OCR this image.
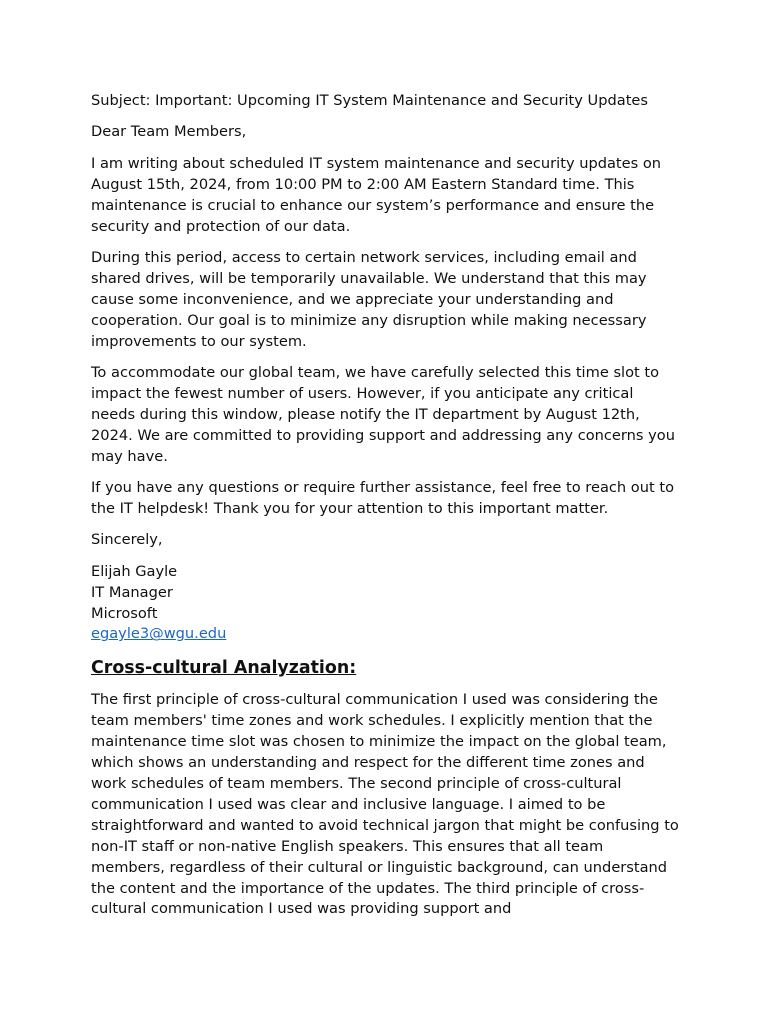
Subject: Important: Upcoming IT System Maintenance and Security Updates

Dear Team Members,

I am writing about scheduled IT system maintenance and security updates on August 15th, 2024, from 10:00 PM to 2:00 AM Eastern Standard time. This maintenance is crucial to enhance our system’s performance and ensure the security and protection of our data.

During this period, access to certain network services, including email and shared drives, will be temporarily unavailable. We understand that this may cause some inconvenience, and we appreciate your understanding and cooperation. Our goal is to minimize any disruption while making necessary improvements to our system.

To accommodate our global team, we have carefully selected this time slot to impact the fewest number of users. However, if you anticipate any critical needs during this window, please notify the IT department by August 12th, 2024. We are committed to providing support and addressing any concerns you may have.

If you have any questions or require further assistance, feel free to reach out to the IT helpdesk! Thank you for your attention to this important matter.

Sincerely,

Elijah Gayle
IT Manager
Microsoft
egayle3@wgu.edu

Cross-cultural Analyzation:

The first principle of cross-cultural communication I used was considering the team members' time zones and work schedules. I explicitly mention that the maintenance time slot was chosen to minimize the impact on the global team, which shows an understanding and respect for the different time zones and work schedules of team members. The second principle of cross-cultural communication I used was clear and inclusive language. I aimed to be straightforward and wanted to avoid technical jargon that might be confusing to non-IT staff or non-native English speakers. This ensures that all team members, regardless of their cultural or linguistic background, can understand the content and the importance of the updates. The third principle of cross-cultural communication I used was providing support and
